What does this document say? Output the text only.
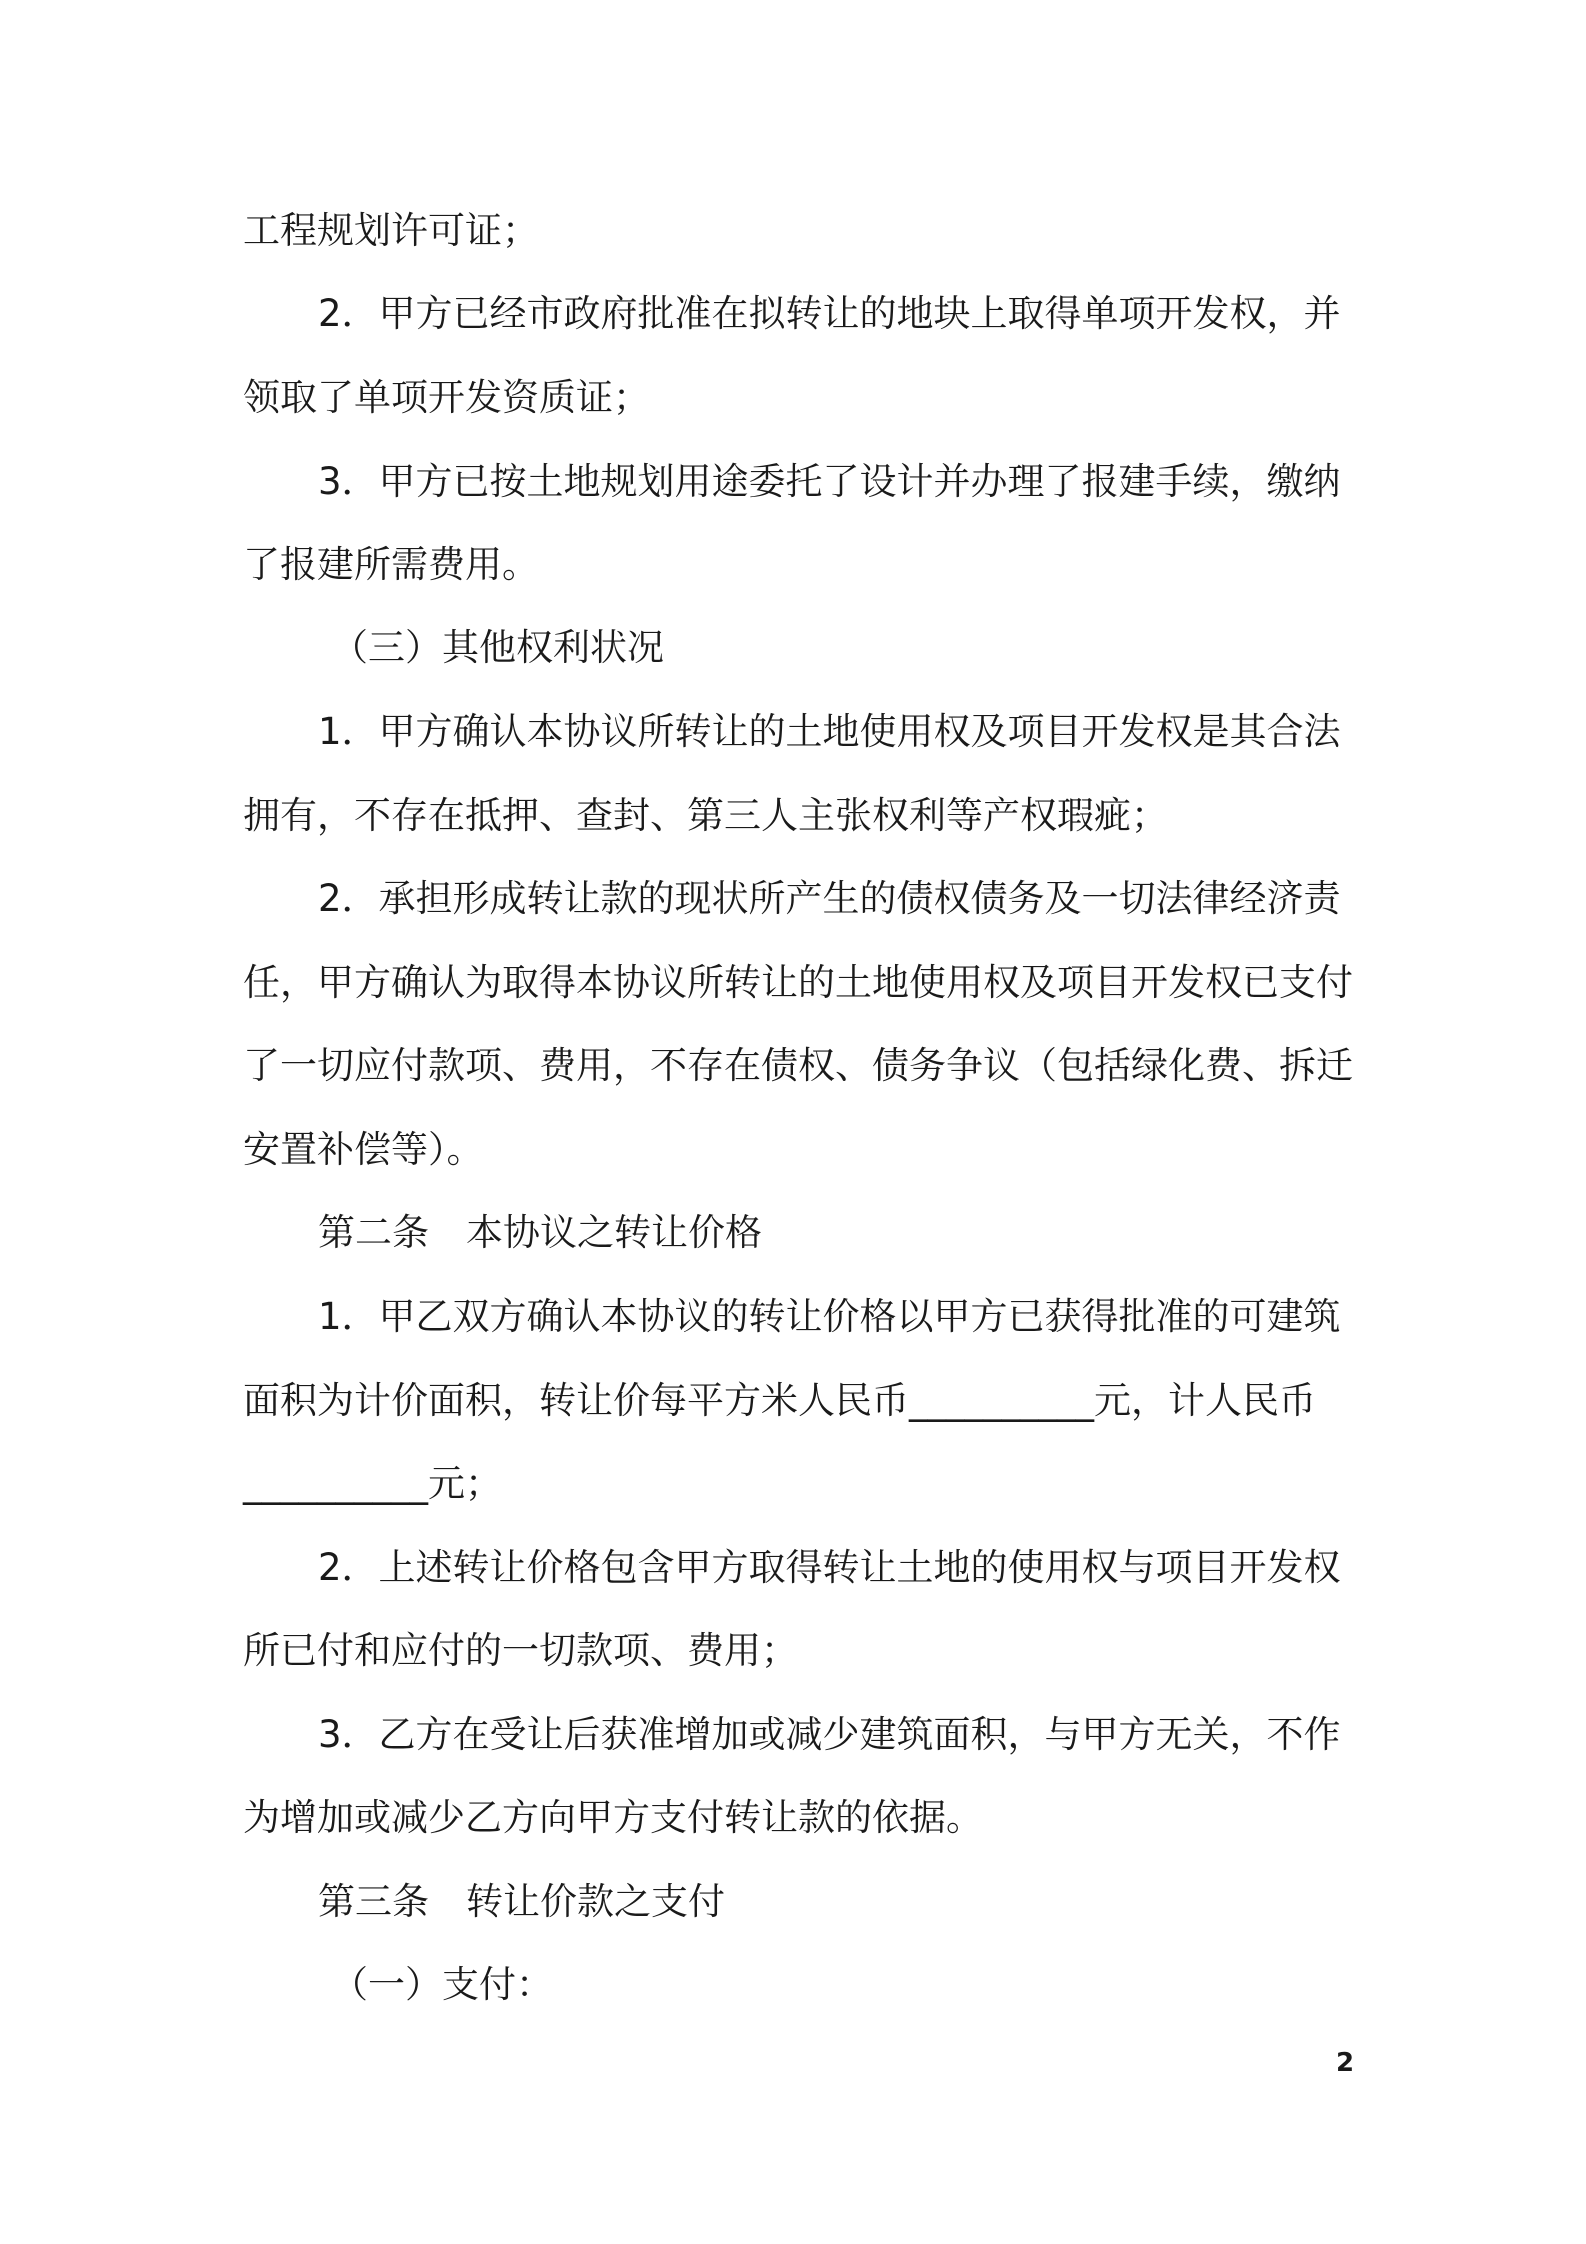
工程规划许可证；
2．甲方已经市政府批准在拟转让的地块上取得单项开发权，并
领取了单项开发资质证；
3．甲方已按土地规划用途委托了设计并办理了报建手续，缴纳
了报建所需费用。
（三）其他权利状况
1．甲方确认本协议所转让的土地使用权及项目开发权是其合法
拥有，不存在抵押、查封、第三人主张权利等产权瑕疵；
2．承担形成转让款的现状所产生的债权债务及一切法律经济责
任，甲方确认为取得本协议所转让的土地使用权及项目开发权已支付
了一切应付款项、费用，不存在债权、债务争议（包括绿化费、拆迁
安置补偿等）。
第二条　本协议之转让价格
1．甲乙双方确认本协议的转让价格以甲方已获得批准的可建筑
面积为计价面积，转让价每平方米人民币__________元，计人民币
__________元；
2．上述转让价格包含甲方取得转让土地的使用权与项目开发权
所已付和应付的一切款项、费用；
3．乙方在受让后获准增加或减少建筑面积，与甲方无关，不作
为增加或减少乙方向甲方支付转让款的依据。
第三条　转让价款之支付
（一）支付：
2
